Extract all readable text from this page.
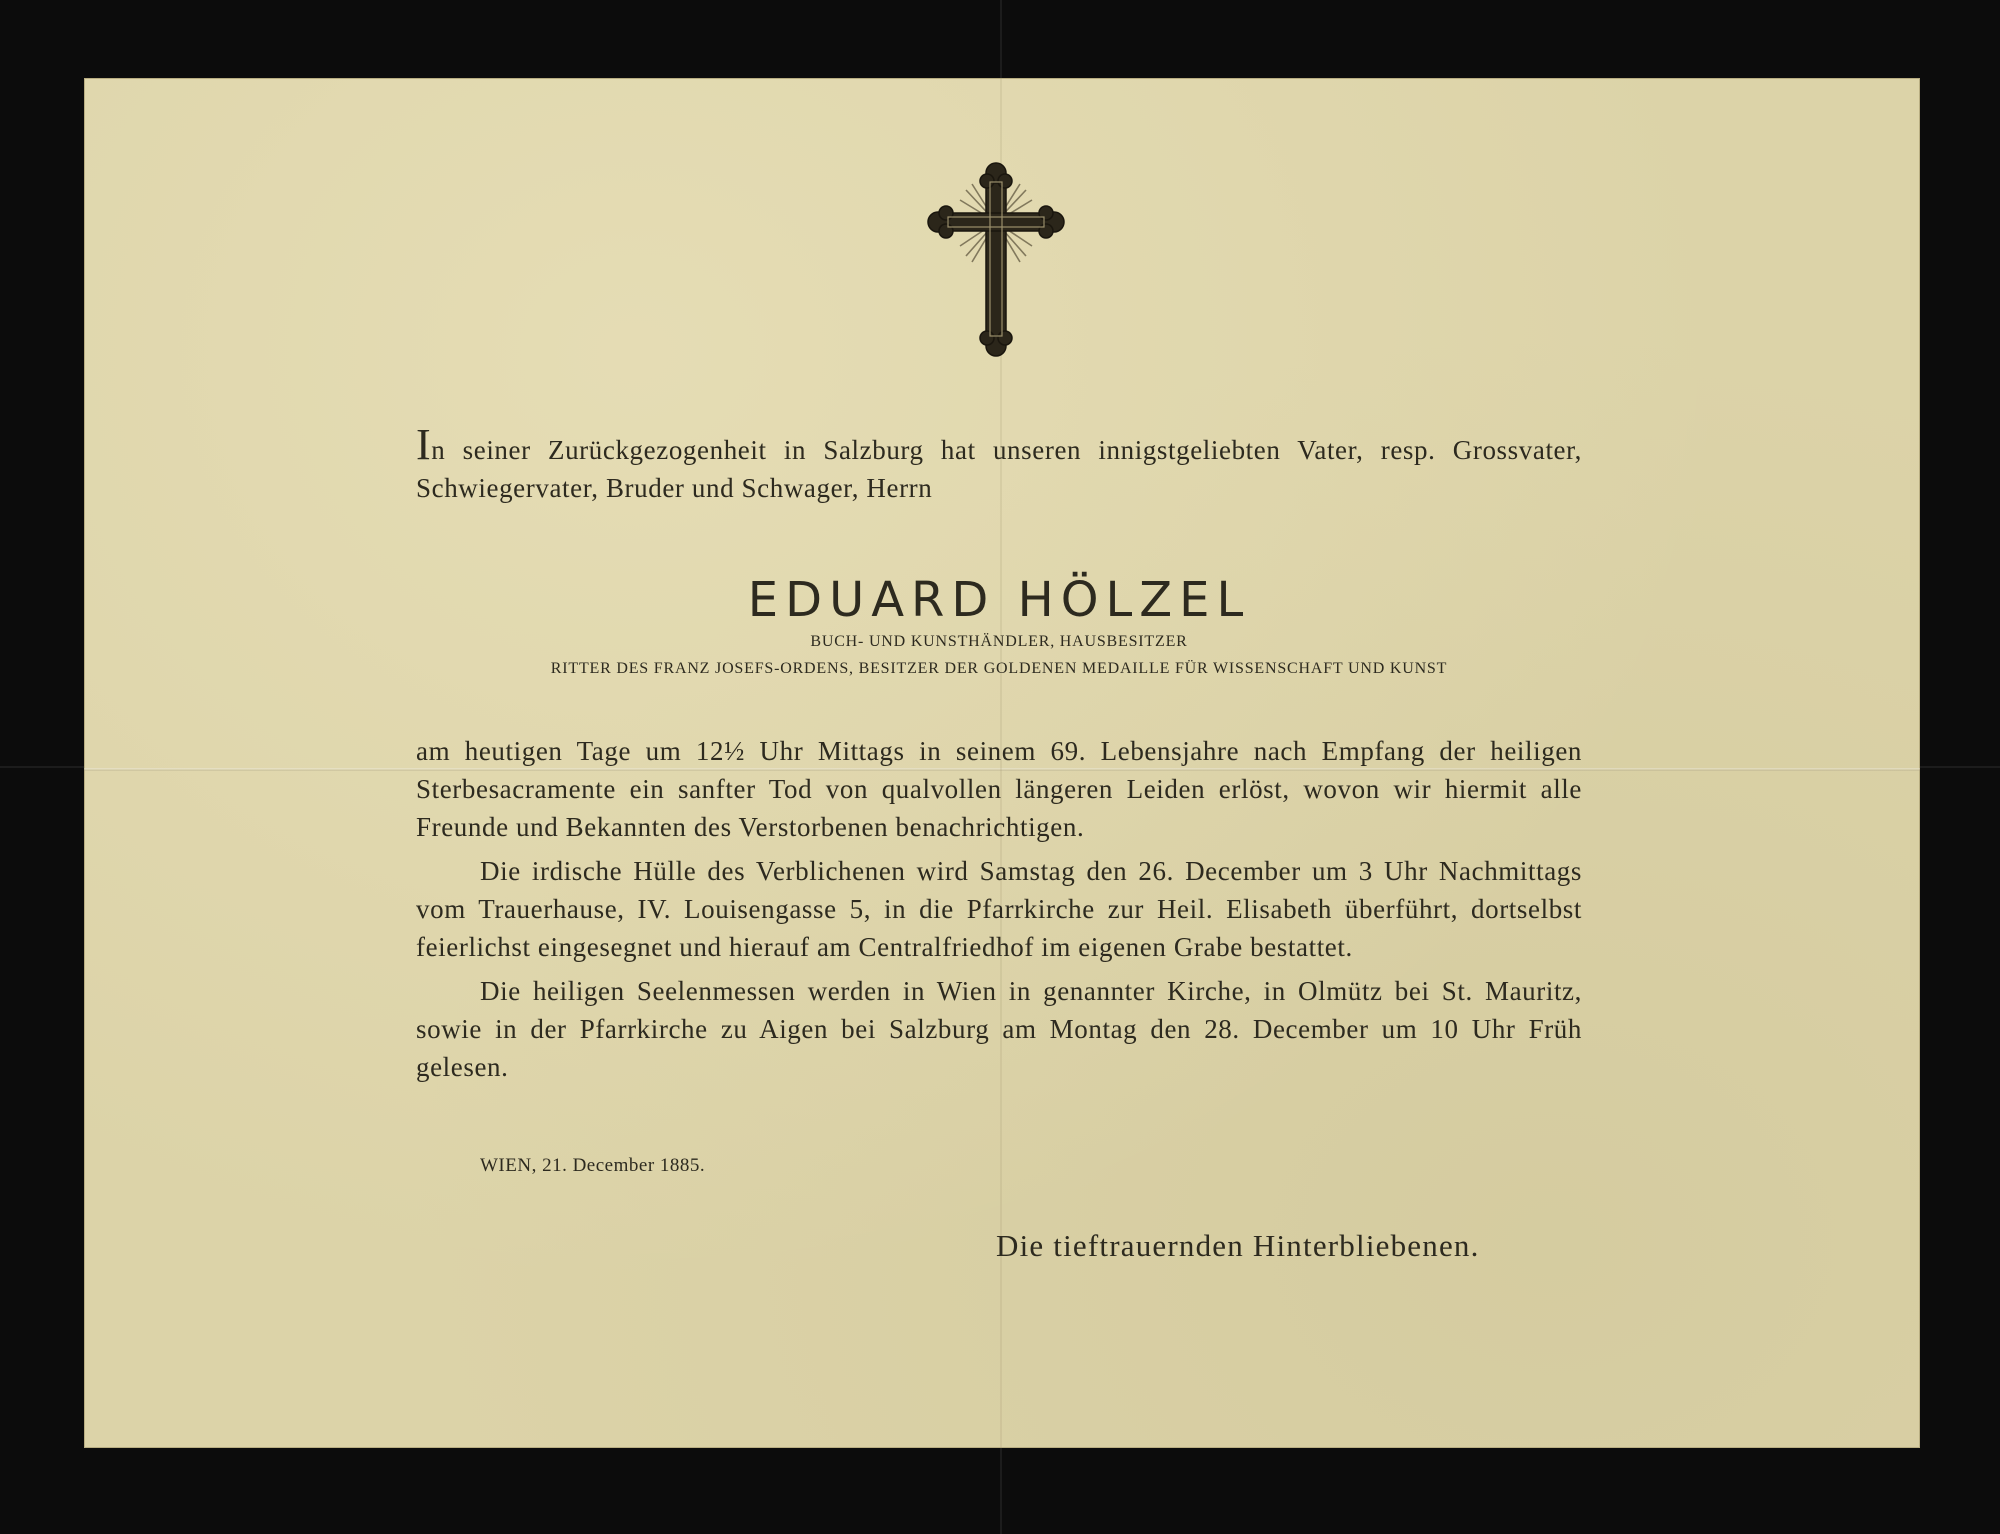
In seiner Zurückgezogenheit in Salzburg hat unseren innigstgeliebten Vater, resp. Grossvater, Schwiegervater, Bruder und Schwager, Herrn

EDUARD HÖLZEL
BUCH- UND KUNSTHÄNDLER, HAUSBESITZER
RITTER DES FRANZ JOSEFS-ORDENS, BESITZER DER GOLDENEN MEDAILLE FÜR WISSENSCHAFT UND KUNST

am heutigen Tage um 12½ Uhr Mittags in seinem 69. Lebensjahre nach Empfang der heiligen Sterbesacramente ein sanfter Tod von qualvollen längeren Leiden erlöst, wovon wir hiermit alle Freunde und Bekannten des Verstorbenen benachrichtigen.

Die irdische Hülle des Verblichenen wird Samstag den 26. December um 3 Uhr Nachmittags vom Trauerhause, IV. Louisengasse 5, in die Pfarrkirche zur Heil. Elisabeth überführt, dortselbst feierlichst eingesegnet und hierauf am Centralfriedhof im eigenen Grabe bestattet.

Die heiligen Seelenmessen werden in Wien in genannter Kirche, in Olmütz bei St. Mauritz, sowie in der Pfarrkirche zu Aigen bei Salzburg am Montag den 28. December um 10 Uhr Früh gelesen.

WIEN, 21. December 1885.
Die tieftrauernden Hinterbliebenen.
